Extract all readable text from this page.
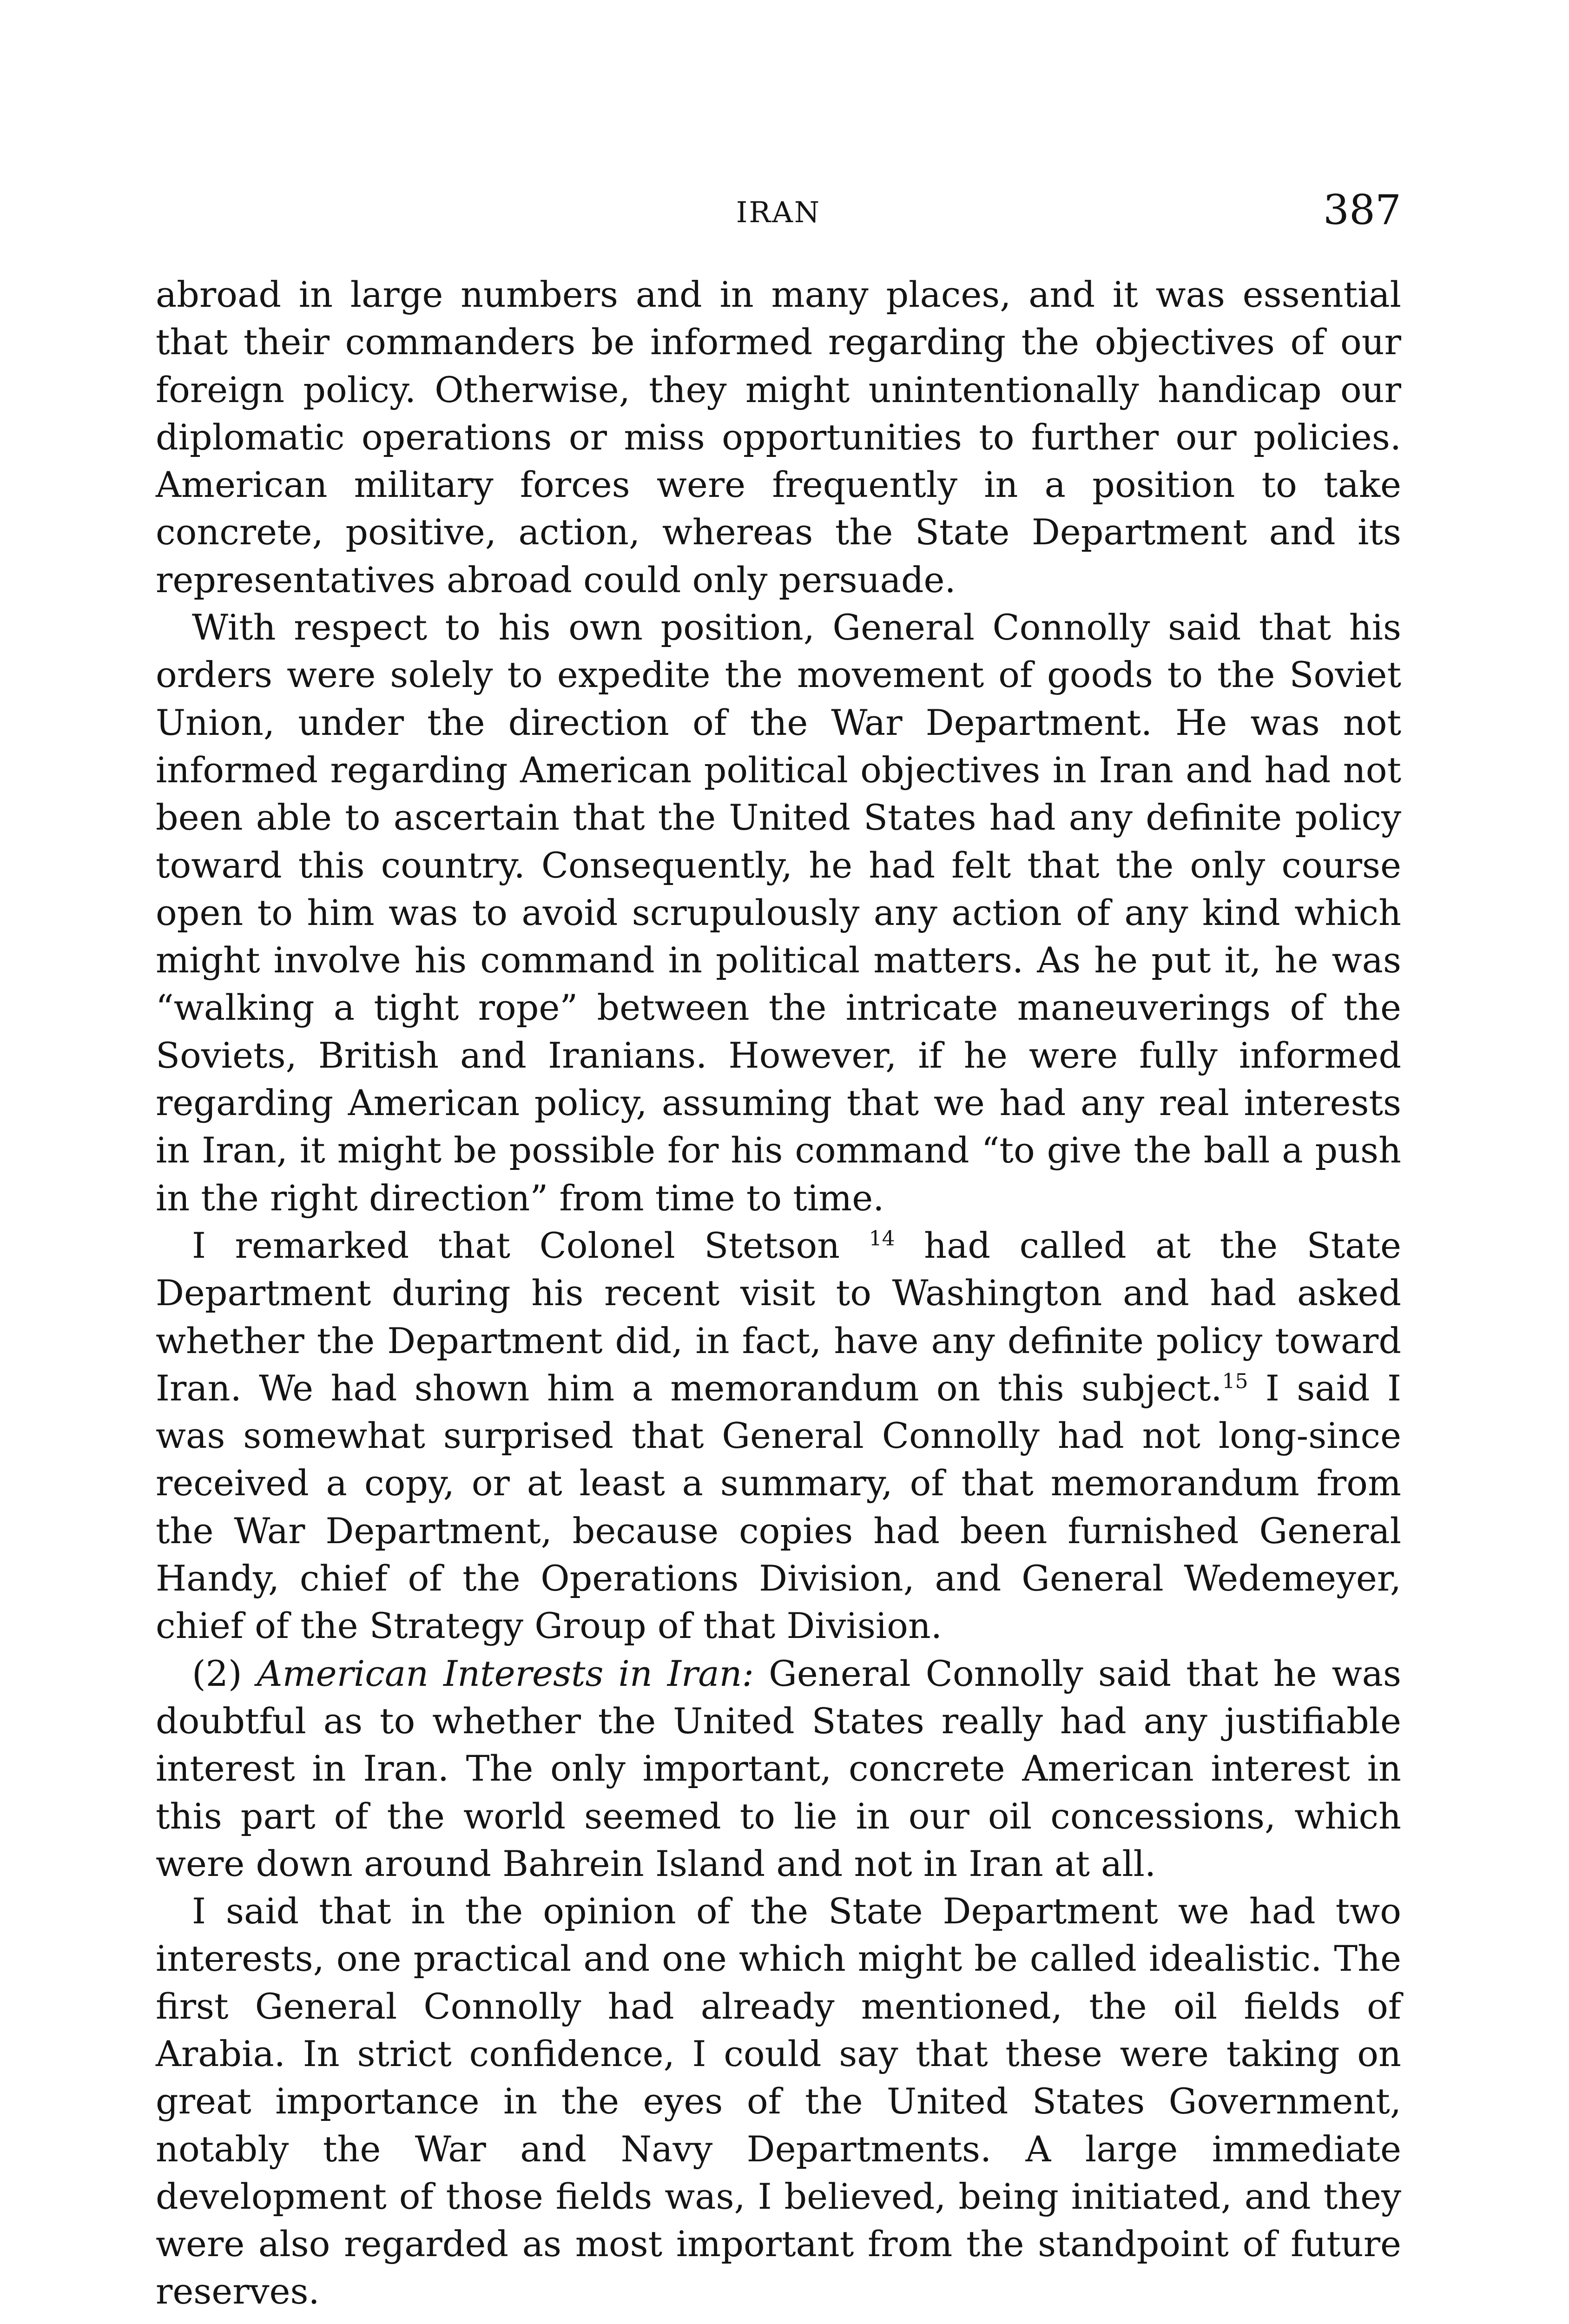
IRAN	387

abroad in large numbers and in many places, and it was essential that their commanders be informed regarding the objectives of our foreign policy. Otherwise, they might unintentionally handicap our diplomatic operations or miss opportunities to further our policies. American military forces were frequently in a position to take concrete, positive, action, whereas the State Department and its representatives abroad could only persuade.

With respect to his own position, General Connolly said that his orders were solely to expedite the movement of goods to the Soviet Union, under the direction of the War Department. He was not informed regarding American political objectives in Iran and had not been able to ascertain that the United States had any definite policy toward this country. Consequently, he had felt that the only course open to him was to avoid scrupulously any action of any kind which might involve his command in political matters. As he put it, he was “walking a tight rope” between the intricate maneuverings of the Soviets, British and Iranians. However, if he were fully informed regarding American policy, assuming that we had any real interests in Iran, it might be possible for his command “to give the ball a push in the right direction” from time to time.

I remarked that Colonel Stetson $^{14}$ had called at the State Department during his recent visit to Washington and had asked whether the Department did, in fact, have any definite policy toward Iran. We had shown him a memorandum on this subject.$^{15}$ I said I was somewhat surprised that General Connolly had not long-since received a copy, or at least a summary, of that memorandum from the War Department, because copies had been furnished General Handy, chief of the Operations Division, and General Wedemeyer, chief of the Strategy Group of that Division.

(2) American Interests in Iran: General Connolly said that he was doubtful as to whether the United States really had any justifiable interest in Iran. The only important, concrete American interest in this part of the world seemed to lie in our oil concessions, which were down around Bahrein Island and not in Iran at all.

I said that in the opinion of the State Department we had two interests, one practical and one which might be called idealistic. The first General Connolly had already mentioned, the oil fields of Arabia. In strict confidence, I could say that these were taking on great importance in the eyes of the United States Government, notably the War and Navy Departments. A large immediate development of those fields was, I believed, being initiated, and they were also regarded as most important from the standpoint of future reserves.
